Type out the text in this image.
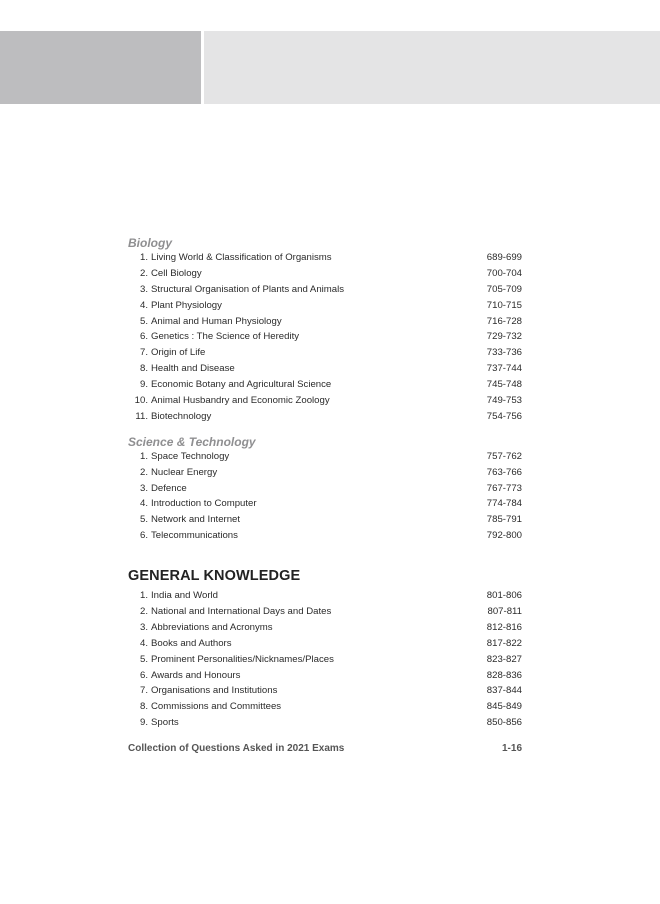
Biology
1. Living World & Classification of Organisms	689-699
2. Cell Biology	700-704
3. Structural Organisation of Plants and Animals	705-709
4. Plant Physiology	710-715
5. Animal and Human Physiology	716-728
6. Genetics : The Science of Heredity	729-732
7. Origin of Life	733-736
8. Health and Disease	737-744
9. Economic Botany and Agricultural Science	745-748
10. Animal Husbandry and Economic Zoology	749-753
11. Biotechnology	754-756
Science & Technology
1. Space Technology	757-762
2. Nuclear Energy	763-766
3. Defence	767-773
4. Introduction to Computer	774-784
5. Network and Internet	785-791
6. Telecommunications	792-800
GENERAL KNOWLEDGE
1. India and World	801-806
2. National and International Days and Dates	807-811
3. Abbreviations and Acronyms	812-816
4. Books and Authors	817-822
5. Prominent Personalities/Nicknames/Places	823-827
6. Awards and Honours	828-836
7. Organisations and Institutions	837-844
8. Commissions and Committees	845-849
9. Sports	850-856
Collection of Questions Asked in 2021 Exams	1-16
